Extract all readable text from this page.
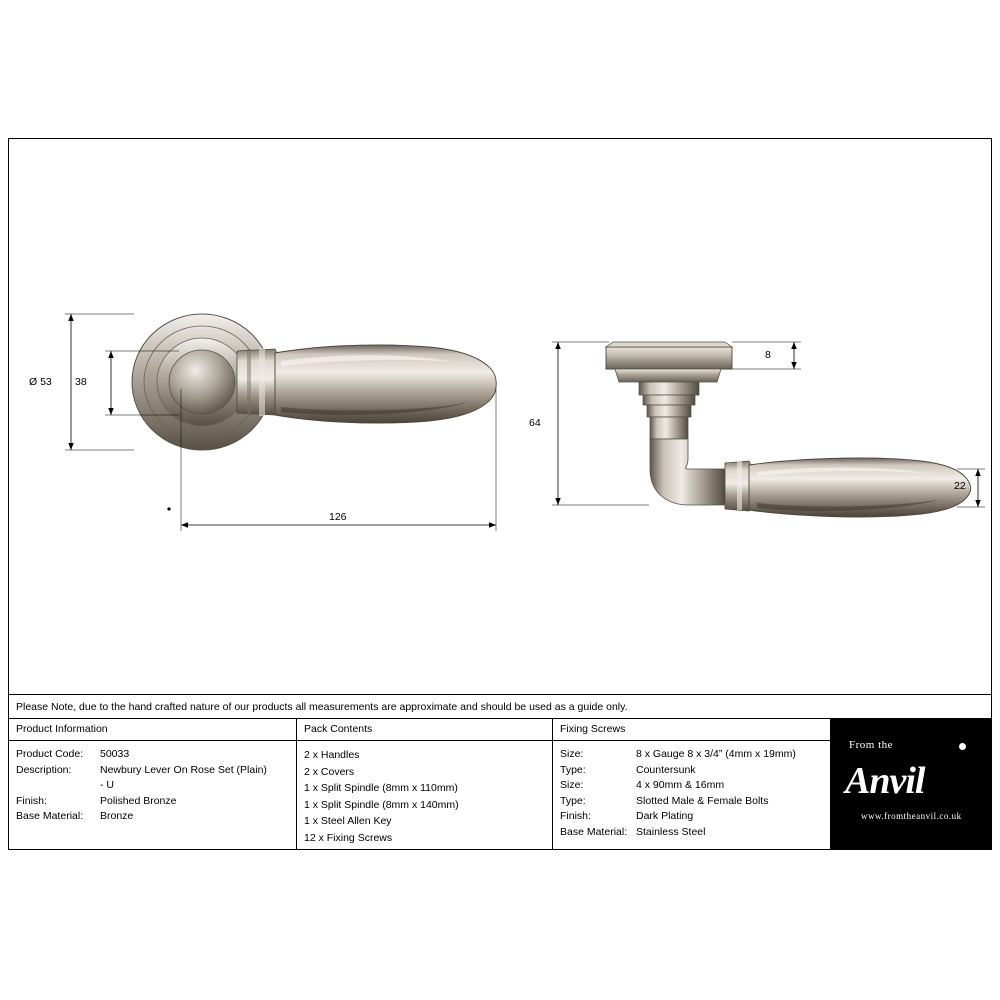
Ø 53 38
126
8
64
22
Please Note, due to the hand crafted nature of our products all measurements are approximate and should be used as a guide only.
Product Information
Product Code:	50033
Description:	Newbury Lever On Rose Set (Plain)
- U
Finish:	Polished Bronze
Base Material:	Bronze
Pack Contents
2 x Handles
2 x Covers
1 x Split Spindle (8mm x 110mm)
1 x Split Spindle (8mm x 140mm)
1 x Steel Allen Key
12 x Fixing Screws
Fixing Screws
Size:	8 x Gauge 8 x 3/4” (4mm x 19mm)
Type:	Countersunk
Size:	4 x 90mm & 16mm
Type:	Slotted Male & Female Bolts
Finish:	Dark Plating
Base Material: Stainless Steel
From the
Anvil
www.fromtheanvil.co.uk
